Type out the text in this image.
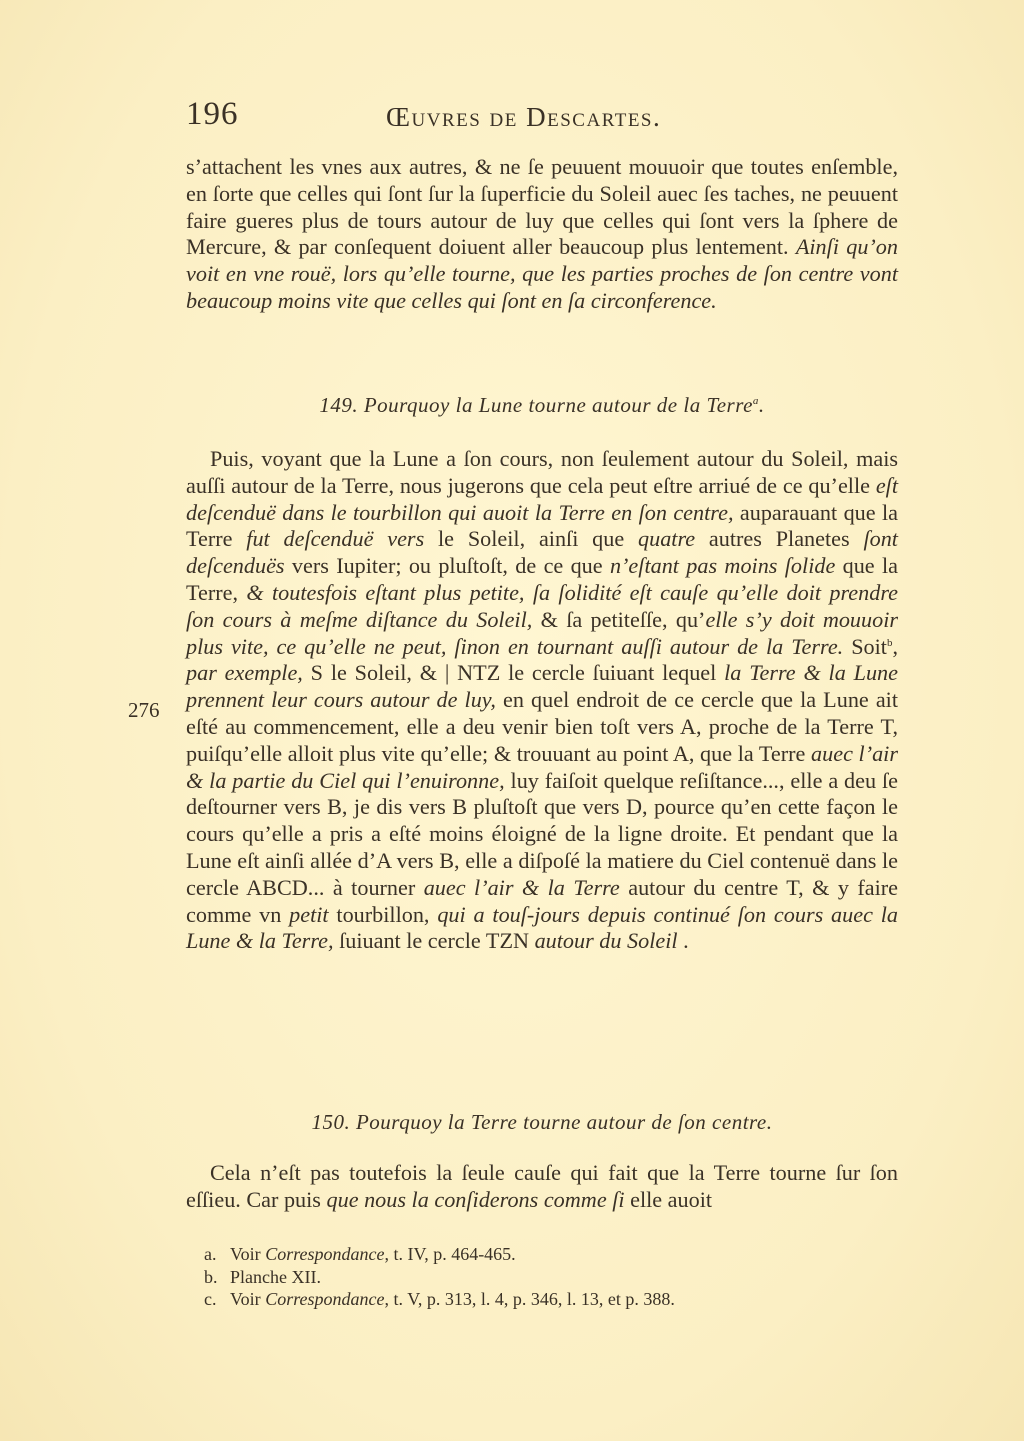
196	Œuvres de Descartes.

s’attachent les vnes aux autres, & ne ſe peuuent mouuoir que toutes enſemble, en ſorte que celles qui ſont ſur la ſuperficie du Soleil auec ſes taches, ne peuuent faire gueres plus de tours autour de luy que celles qui ſont vers la ſphere de Mercure, & par conſequent doiuent aller beaucoup plus lentement. Ainſi qu’on voit en vne rouë, lors qu’elle tourne, que les parties proches de ſon centre vont beaucoup moins vite que celles qui ſont en ſa circonference.

149. Pourquoy la Lune tourne autour de la Terre$^a$.

Puis, voyant que la Lune a ſon cours, non ſeulement autour du Soleil, mais auſſi autour de la Terre, nous jugerons que cela peut eſtre arriué de ce qu’elle eſt deſcenduë dans le tourbillon qui auoit la Terre en ſon centre, auparauant que la Terre fut deſcenduë vers le Soleil, ainſi que quatre autres Planetes ſont deſcenduës vers Iupiter; ou pluſtoſt, de ce que n’eſtant pas moins ſolide que la Terre, & toutesfois eſtant plus petite, ſa ſolidité eſt cauſe qu’elle doit prendre ſon cours à meſme diſtance du Soleil, & ſa petiteſſe, qu’elle s’y doit mouuoir plus vite, ce qu’elle ne peut, ſinon en tournant auſſi autour de la Terre. Soit$^b$, par exemple, S le Soleil, & | NTZ le cercle ſuiuant lequel la Terre & la Lune prennent leur cours autour de luy, en quel endroit de ce cercle que la Lune ait eſté au commencement, elle a deu venir bien toſt vers A, proche de la Terre T, puiſqu’elle alloit plus vite qu’elle; & trouuant au point A, que la Terre auec l’air & la partie du Ciel qui l’enuironne, luy faiſoit quelque reſiſtance..., elle a deu ſe deſtourner vers B, je dis vers B pluſtoſt que vers D, pource qu’en cette façon le cours qu’elle a pris a eſté moins éloigné de la ligne droite. Et pendant que la Lune eſt ainſi allée d’A vers B, elle a diſpoſé la matiere du Ciel contenuë dans le cercle ABCD... à tourner auec l’air & la Terre autour du centre T, & y faire comme vn petit tourbillon, qui a touſ-jours depuis continué ſon cours auec la Lune & la Terre, ſuiuant le cercle TZN autour du Soleil .

276
150. Pourquoy la Terre tourne autour de ſon centre.

Cela n’eſt pas toutefois la ſeule cauſe qui fait que la Terre tourne ſur ſon eſſieu. Car puis que nous la conſiderons comme ſi elle auoit

a. Voir Correspondance, t. IV, p. 464-465.

b. Planche XII.

c. Voir Correspondance, t. V, p. 313, l. 4, p. 346, l. 13, et p. 388.
